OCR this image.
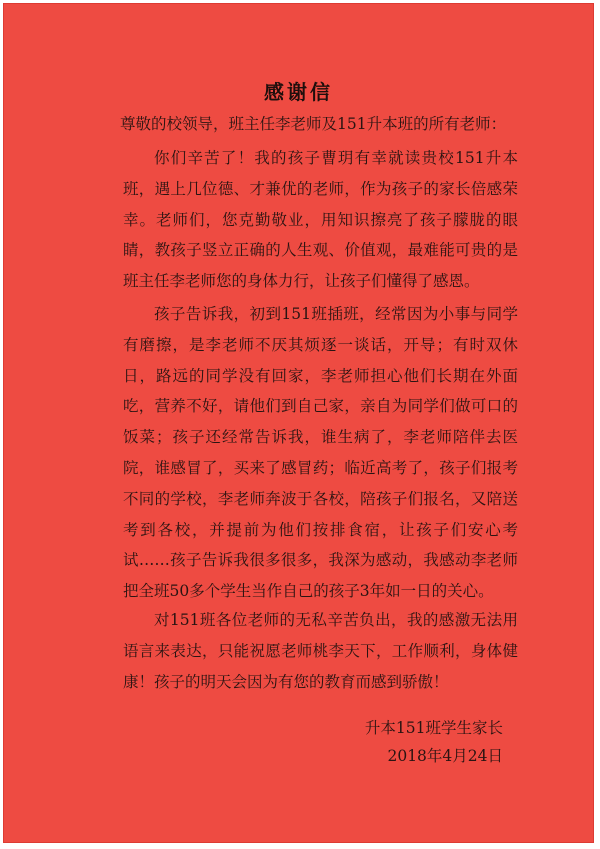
感谢信
尊敬的校领导，班主任李老师及151升本班的所有老师：

你们辛苦了！我的孩子曹玥有幸就读贵校151升本班，遇上几位德、才兼优的老师，作为孩子的家长倍感荣幸。老师们，您克勤敬业，用知识擦亮了孩子朦胧的眼睛，教孩子竖立正确的人生观、价值观，最难能可贵的是班主任李老师您的身体力行，让孩子们懂得了感恩。

孩子告诉我，初到151班插班，经常因为小事与同学有磨擦，是李老师不厌其烦逐一谈话，开导；有时双休日，路远的同学没有回家，李老师担心他们长期在外面吃，营养不好，请他们到自己家，亲自为同学们做可口的饭菜；孩子还经常告诉我，谁生病了，李老师陪伴去医院，谁感冒了，买来了感冒药；临近高考了，孩子们报考不同的学校，李老师奔波于各校，陪孩子们报名，又陪送考到各校，并提前为他们按排食宿，让孩子们安心考试……孩子告诉我很多很多，我深为感动，我感动李老师把全班50多个学生当作自己的孩子3年如一日的关心。

对151班各位老师的无私辛苦负出，我的感激无法用语言来表达，只能祝愿老师桃李天下，工作顺利，身体健康！孩子的明天会因为有您的教育而感到骄傲！

升本151班学生家长
2018年4月24日
